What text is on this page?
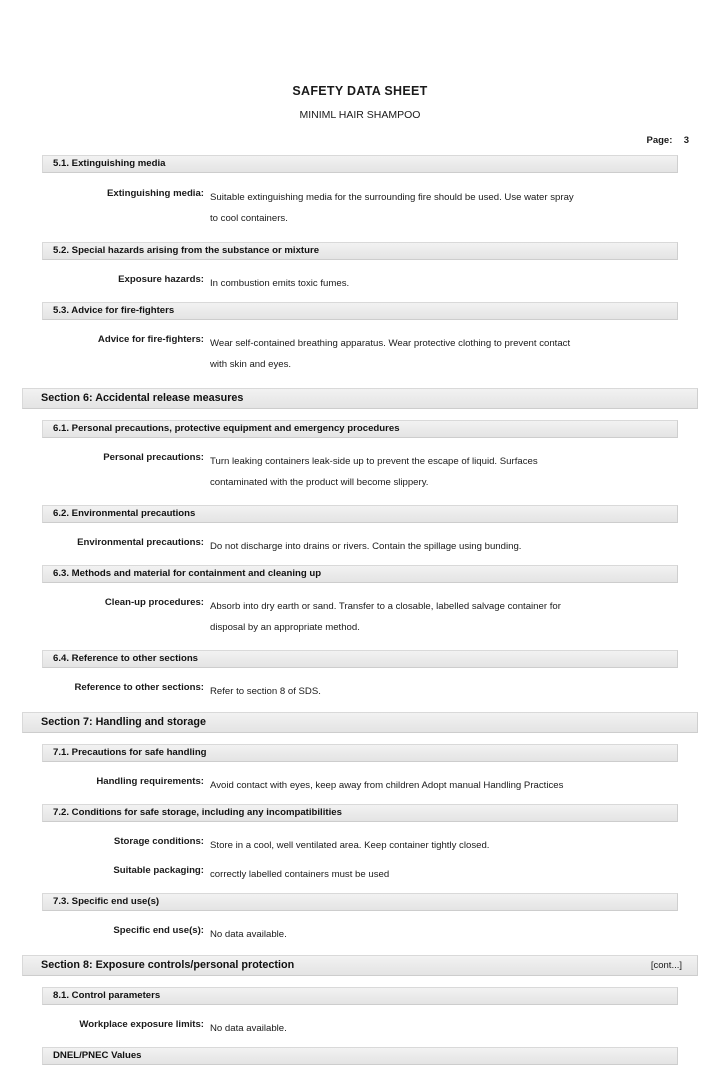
SAFETY DATA SHEET
MINIML HAIR SHAMPOO
Page: 3
5.1. Extinguishing media
Extinguishing media: Suitable extinguishing media for the surrounding fire should be used. Use water spray
to cool containers.
5.2. Special hazards arising from the substance or mixture
Exposure hazards: In combustion emits toxic fumes.
5.3. Advice for fire-fighters
Advice for fire-fighters: Wear self-contained breathing apparatus. Wear protective clothing to prevent contact
with skin and eyes.
Section 6: Accidental release measures
6.1. Personal precautions, protective equipment and emergency procedures
Personal precautions: Turn leaking containers leak-side up to prevent the escape of liquid. Surfaces
contaminated with the product will become slippery.
6.2. Environmental precautions
Environmental precautions: Do not discharge into drains or rivers. Contain the spillage using bunding.
6.3. Methods and material for containment and cleaning up
Clean-up procedures: Absorb into dry earth or sand. Transfer to a closable, labelled salvage container for
disposal by an appropriate method.
6.4. Reference to other sections
Reference to other sections: Refer to section 8 of SDS.
Section 7: Handling and storage
7.1. Precautions for safe handling
Handling requirements: Avoid contact with eyes, keep away from children Adopt manual Handling Practices
7.2. Conditions for safe storage, including any incompatibilities
Storage conditions: Store in a cool, well ventilated area. Keep container tightly closed.
Suitable packaging: correctly labelled containers must be used
7.3. Specific end use(s)
Specific end use(s): No data available.
Section 8: Exposure controls/personal protection
8.1. Control parameters
Workplace exposure limits: No data available.
DNEL/PNEC Values
[cont...]
